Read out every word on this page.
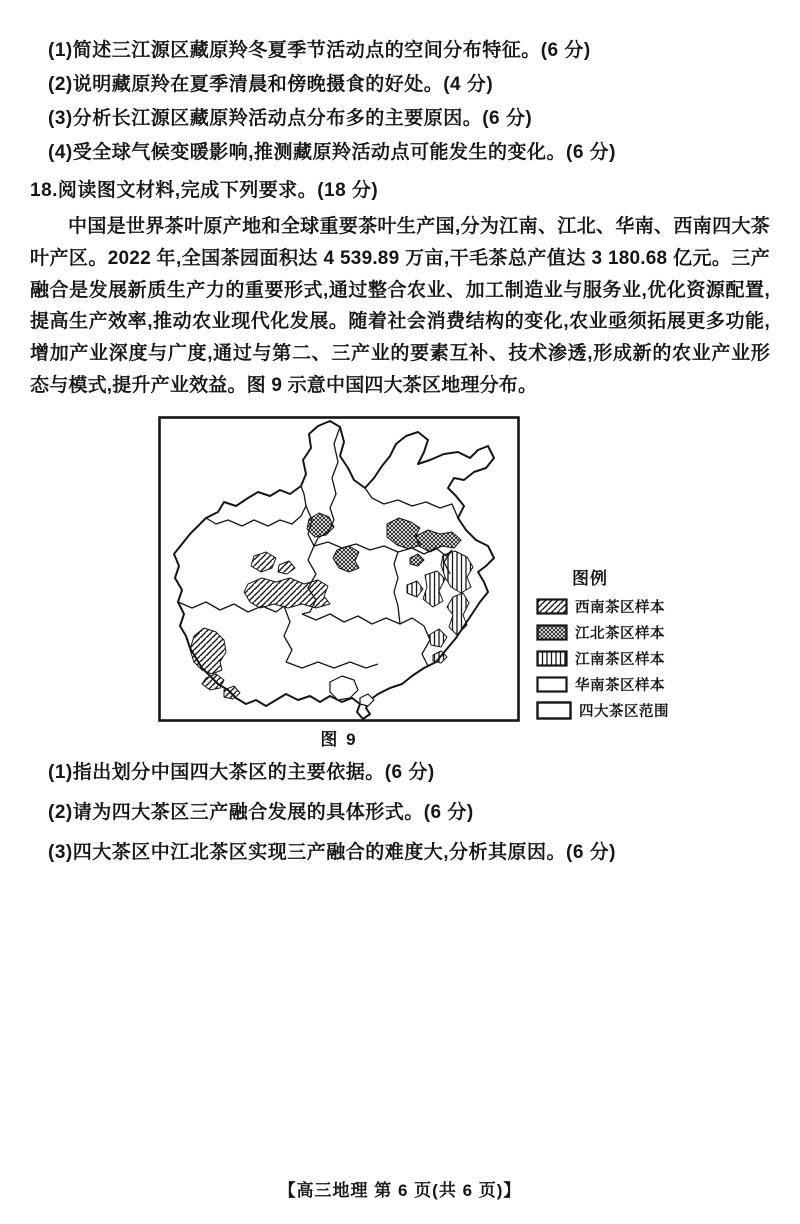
(1)简述三江源区藏原羚冬夏季节活动点的空间分布特征。(6 分)

(2)说明藏原羚在夏季清晨和傍晚摄食的好处。(4 分)

(3)分析长江源区藏原羚活动点分布多的主要原因。(6 分)

(4)受全球气候变暖影响,推测藏原羚活动点可能发生的变化。(6 分)

18.阅读图文材料,完成下列要求。(18 分)

中国是世界茶叶原产地和全球重要茶叶生产国,分为江南、江北、华南、西南四大茶叶产区。2022 年,全国茶园面积达 4 539.89 万亩,干毛茶总产值达 3 180.68 亿元。三产融合是发展新质生产力的重要形式,通过整合农业、加工制造业与服务业,优化资源配置,提高生产效率,推动农业现代化发展。随着社会消费结构的变化,农业亟须拓展更多功能,增加产业深度与广度,通过与第二、三产业的要素互补、技术渗透,形成新的农业产业形态与模式,提升产业效益。图 9 示意中国四大茶区地理分布。

图 9
图例
西南茶区样本
江北茶区样本
江南茶区样本
华南茶区样本
四大茶区范围

(1)指出划分中国四大茶区的主要依据。(6 分)

(2)请为四大茶区三产融合发展的具体形式。(6 分)

(3)四大茶区中江北茶区实现三产融合的难度大,分析其原因。(6 分)

【高三地理 第 6 页(共 6 页)】
